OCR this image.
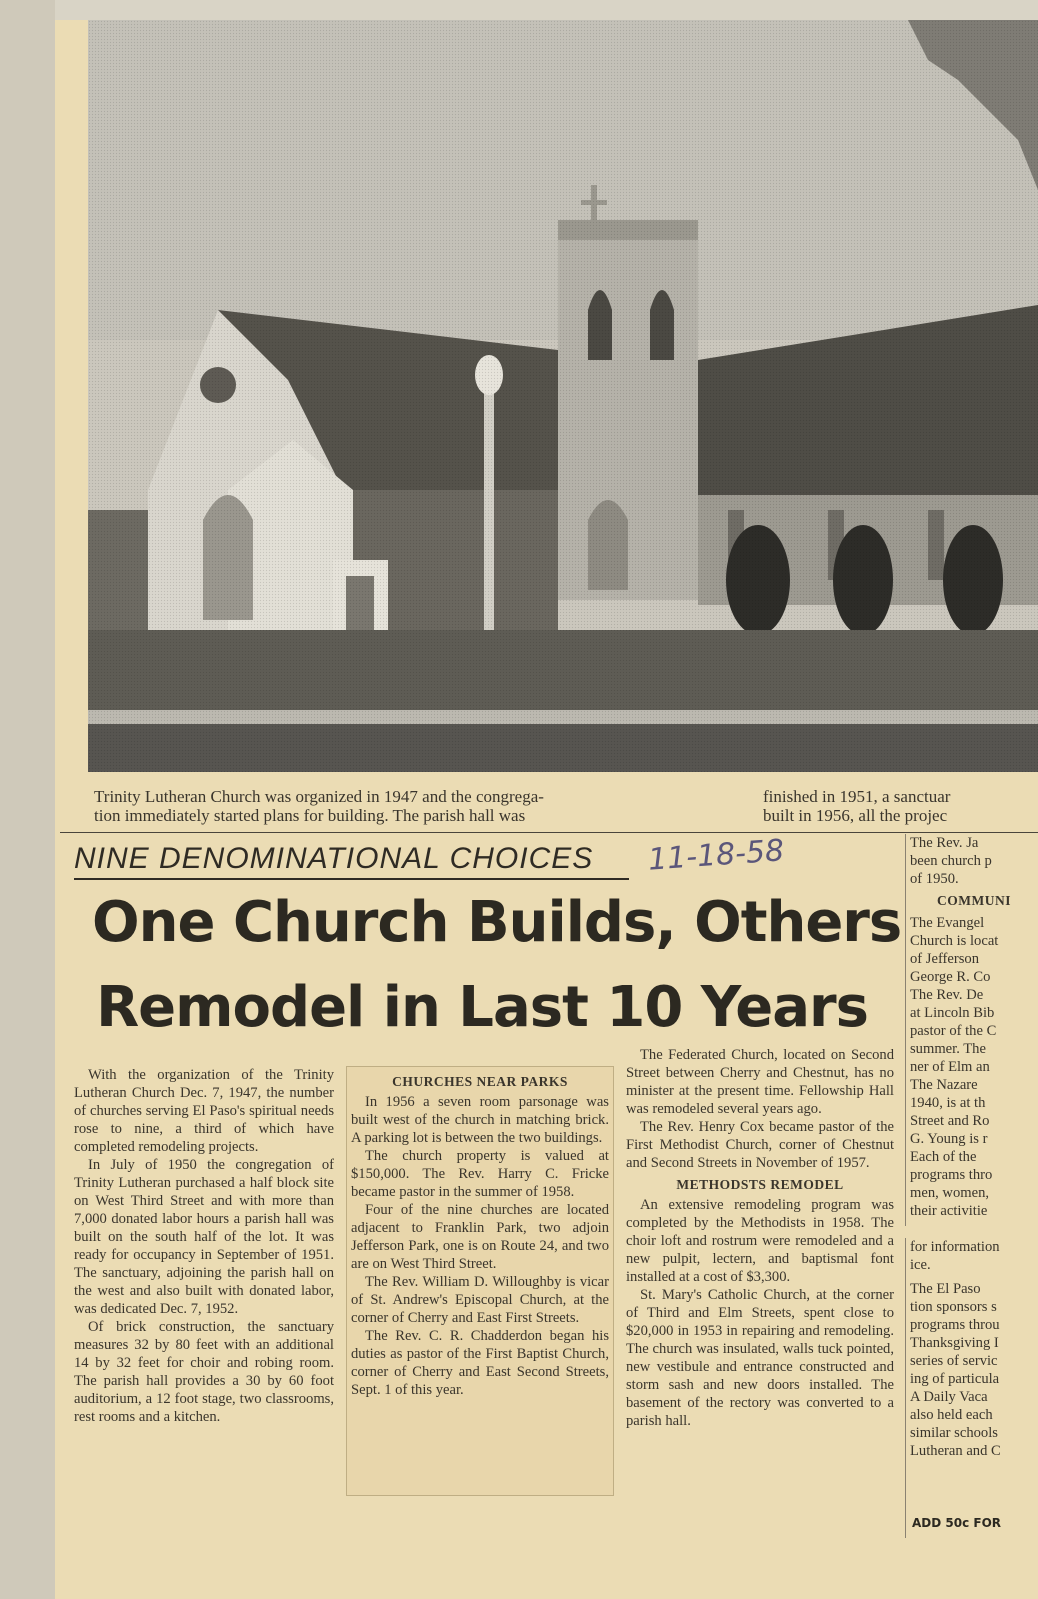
Trinity Lutheran Church was organized in 1947 and the congrega-
tion immediately started plans for building. The parish hall was
finished in 1951, a sanctuar
built in 1956, all the projec
NINE DENOMINATIONAL CHOICES	11-18-58
One Church Builds, Others
Remodel in Last 10 Years

With the organization of the Trinity Lutheran Church Dec. 7, 1947, the number of churches serving El Paso's spiritual needs rose to nine, a third of which have completed remodeling projects.

In July of 1950 the congregation of Trinity Lutheran purchased a half block site on West Third Street and with more than 7,000 donated labor hours a parish hall was built on the south half of the lot. It was ready for occupancy in September of 1951. The sanctuary, adjoining the parish hall on the west and also built with donated labor, was dedicated Dec. 7, 1952.

Of brick construction, the sanctuary measures 32 by 80 feet with an additional 14 by 32 feet for choir and robing room. The parish hall provides a 30 by 60 foot auditorium, a 12 foot stage, two classrooms, rest rooms and a kitchen.

CHURCHES NEAR PARKS

In 1956 a seven room parsonage was built west of the church in matching brick. A parking lot is between the two buildings.

The church property is valued at $150,000. The Rev. Harry C. Fricke became pastor in the summer of 1958.

Four of the nine churches are located adjacent to Franklin Park, two adjoin Jefferson Park, one is on Route 24, and two are on West Third Street.

The Rev. William D. Willoughby is vicar of St. Andrew's Episcopal Church, at the corner of Cherry and East First Streets.

The Rev. C. R. Chadderdon began his duties as pastor of the First Baptist Church, corner of Cherry and East Second Streets, Sept. 1 of this year.

The Federated Church, located on Second Street between Cherry and Chestnut, has no minister at the present time. Fellowship Hall was remodeled several years ago.

The Rev. Henry Cox became pastor of the First Methodist Church, corner of Chestnut and Second Streets in November of 1957.

METHODSTS REMODEL

An extensive remodeling program was completed by the Methodists in 1958. The choir loft and rostrum were remodeled and a new pulpit, lectern, and baptismal font installed at a cost of $3,300.

St. Mary's Catholic Church, at the corner of Third and Elm Streets, spent close to $20,000 in 1953 in repairing and remodeling. The church was insulated, walls tuck pointed, new vestibule and entrance constructed and storm sash and new doors installed. The basement of the rectory was converted to a parish hall.

The Rev. Ja
been church p
of 1950.
COMMUNI
The Evangel
Church is locat
of Jefferson
George R. Co
The Rev. De
at Lincoln Bib
pastor of the C
summer. The
ner of Elm an
The Nazare
1940, is at th
Street and Ro
G. Young is r
Each of the
programs thro
men, women,
their activitie
for information
ice.
The El Paso
tion sponsors s
programs throu
Thanksgiving I
series of servic
ing of particula
A Daily Vaca
also held each
similar schools
Lutheran and C
ADD 50c FOR
